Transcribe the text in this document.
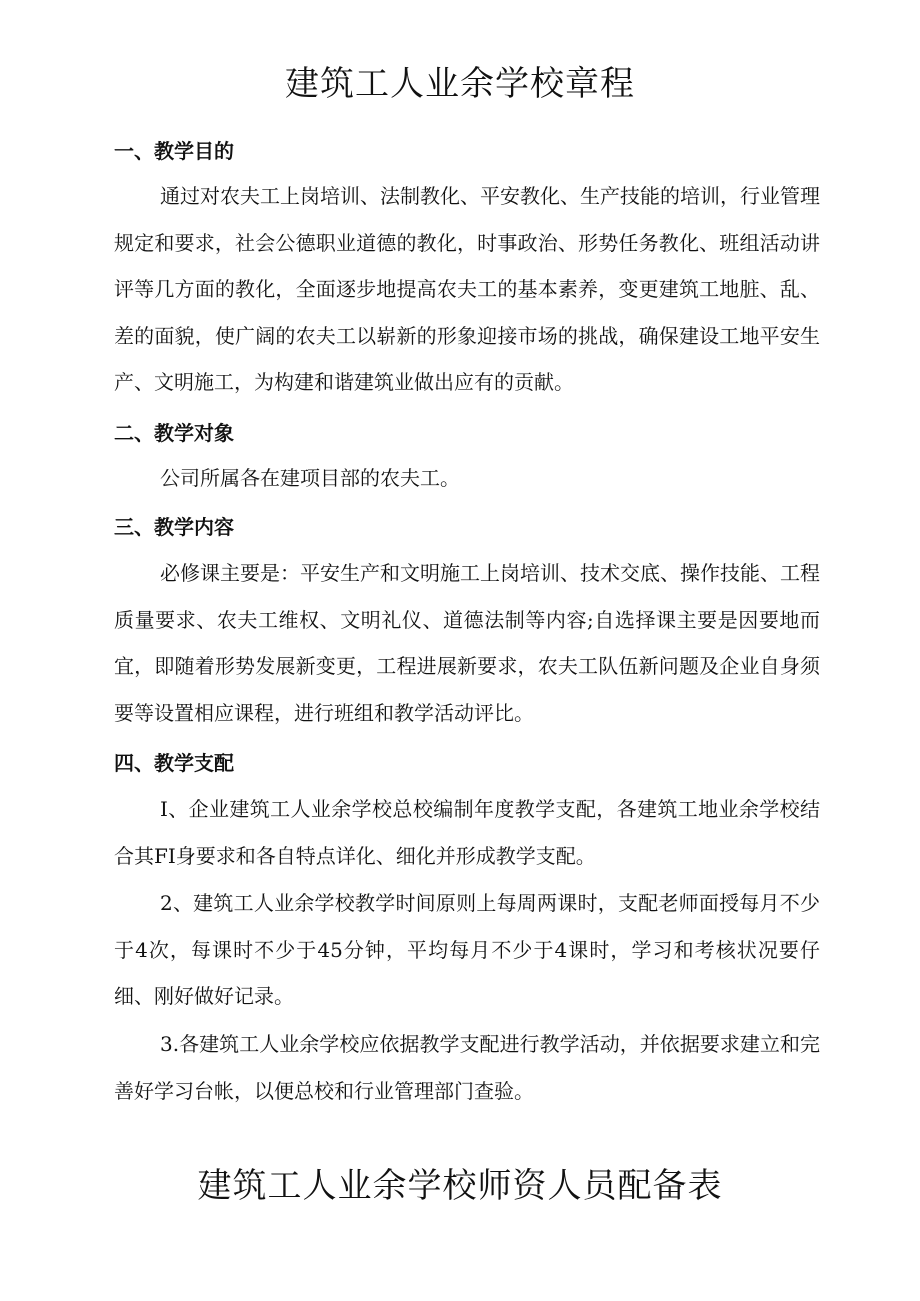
建筑工人业余学校章程
一、教学目的

通过对农夫工上岗培训、法制教化、平安教化、生产技能的培训，行业管理规定和要求，社会公德职业道德的教化，时事政治、形势任务教化、班组活动讲评等几方面的教化，全面逐步地提高农夫工的基本素养，变更建筑工地脏、乱、差的面貌，使广阔的农夫工以崭新的形象迎接市场的挑战，确保建设工地平安生产、文明施工，为构建和谐建筑业做出应有的贡献。

二、教学对象

公司所属各在建项目部的农夫工。

三、教学内容

必修课主要是：平安生产和文明施工上岗培训、技术交底、操作技能、工程质量要求、农夫工维权、文明礼仪、道德法制等内容;自选择课主要是因要地而宜，即随着形势发展新变更，工程进展新要求，农夫工队伍新问题及企业自身须要等设置相应课程，进行班组和教学活动评比。

四、教学支配

I、企业建筑工人业余学校总校编制年度教学支配，各建筑工地业余学校结合其FI身要求和各自特点详化、细化并形成教学支配。

2、建筑工人业余学校教学时间原则上每周两课时，支配老师面授每月不少于4次，每课时不少于45分钟，平均每月不少于4课时，学习和考核状况要仔细、刚好做好记录。

3.各建筑工人业余学校应依据教学支配进行教学活动，并依据要求建立和完善好学习台帐，以便总校和行业管理部门查验。

建筑工人业余学校师资人员配备表
